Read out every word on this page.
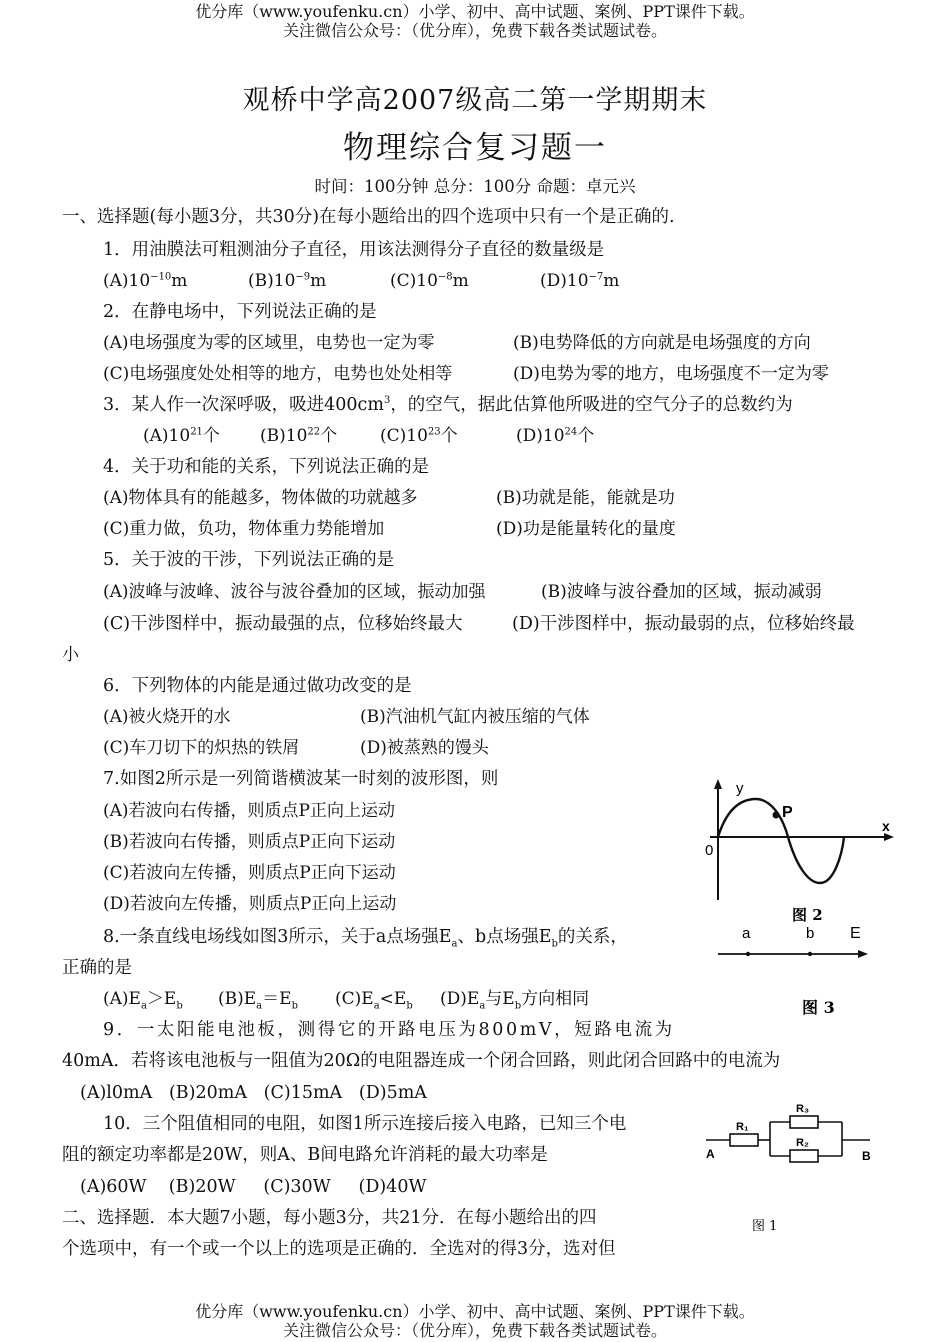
优分库（www.youfenku.cn）小学、初中、高中试题、案例、PPT课件下载。
关注微信公众号：（优分库），免费下载各类试题试卷。
观桥中学高2007级高二第一学期期末
物理综合复习题一
时间：100分钟 总分：100分 命题：卓元兴
一、选择题(每小题3分，共30分)在每小题给出的四个选项中只有一个是正确的.
1．用油膜法可粗测油分子直径，用该法测得分子直径的数量级是
$(A)10^{-10}m$	$(B)10^{-9}m$	$(C)10^{-8}m$	$(D)10^{-7}m$
2．在静电场中，下列说法正确的是
(A)电场强度为零的区域里，电势也一定为零	(B)电势降低的方向就是电场强度的方向
(C)电场强度处处相等的地方，电势也处处相等	(D)电势为零的地方，电场强度不一定为零
3．某人作一次深呼吸，吸进$400cm^3$，的空气，据此估算他所吸进的空气分子的总数约为
$(A)10^{21}$个 $(B)10^{22}$个	$(C)10^{23}$个	$(D)10^{24}$个
4．关于功和能的关系，下列说法正确的是
(A)物体具有的能越多，物体做的功就越多	(B)功就是能，能就是功
(C)重力做，负功，物体重力势能增加	(D)功是能量转化的量度
5．关于波的干涉，下列说法正确的是
(A)波峰与波峰、波谷与波谷叠加的区域，振动加强	(B)波峰与波谷叠加的区域，振动减弱
(C)干涉图样中，振动最强的点，位移始终最大	(D)干涉图样中，振动最弱的点，位移始终最
小
6．下列物体的内能是通过做功改变的是
(A)被火烧开的水	(B)汽油机气缸内被压缩的气体
(C)车刀切下的炽热的铁屑	(D)被蒸熟的馒头
7.如图2所示是一列简谐横波某一时刻的波形图，则
(A)若波向右传播，则质点P正向上运动
(B)若波向右传播，则质点P正向下运动
(C)若波向左传播，则质点P正向下运动
(D)若波向左传播，则质点P正向上运动
y
x
0
P
图 2
a	b E
图 3
8.一条直线电场线如图3所示，关于a点场强$E_a$、b点场强$E_b$的关系，
正确的是
$(A)E_a>E_b$ $(B)E_a=E_b$ $(C)E_a<E_b$ $(D)E_a$与$E_b$方向相同
9．一太阳能电池板，测得它的开路电压为800mV，短路电流为
40mA．若将该电池板与一阻值为20Ω的电阻器连成一个闭合回路，则此闭合回路中的电流为
(A)l0mA   (B)20mA   (C)15mA   (D)5mA
R₁
R₃
R₂
A	B
图 1
10．三个阻值相同的电阻，如图1所示连接后接入电路，已知三个电
阻的额定功率都是20W，则A、B间电路允许消耗的最大功率是
(A)60W    (B)20W     (C)30W     (D)40W
二、选择题．本大题7小题，每小题3分，共21分．在每小题给出的四
个选项中，有一个或一个以上的选项是正确的．全选对的得3分，选对但
优分库（www.youfenku.cn）小学、初中、高中试题、案例、PPT课件下载。
关注微信公众号：（优分库），免费下载各类试题试卷。
